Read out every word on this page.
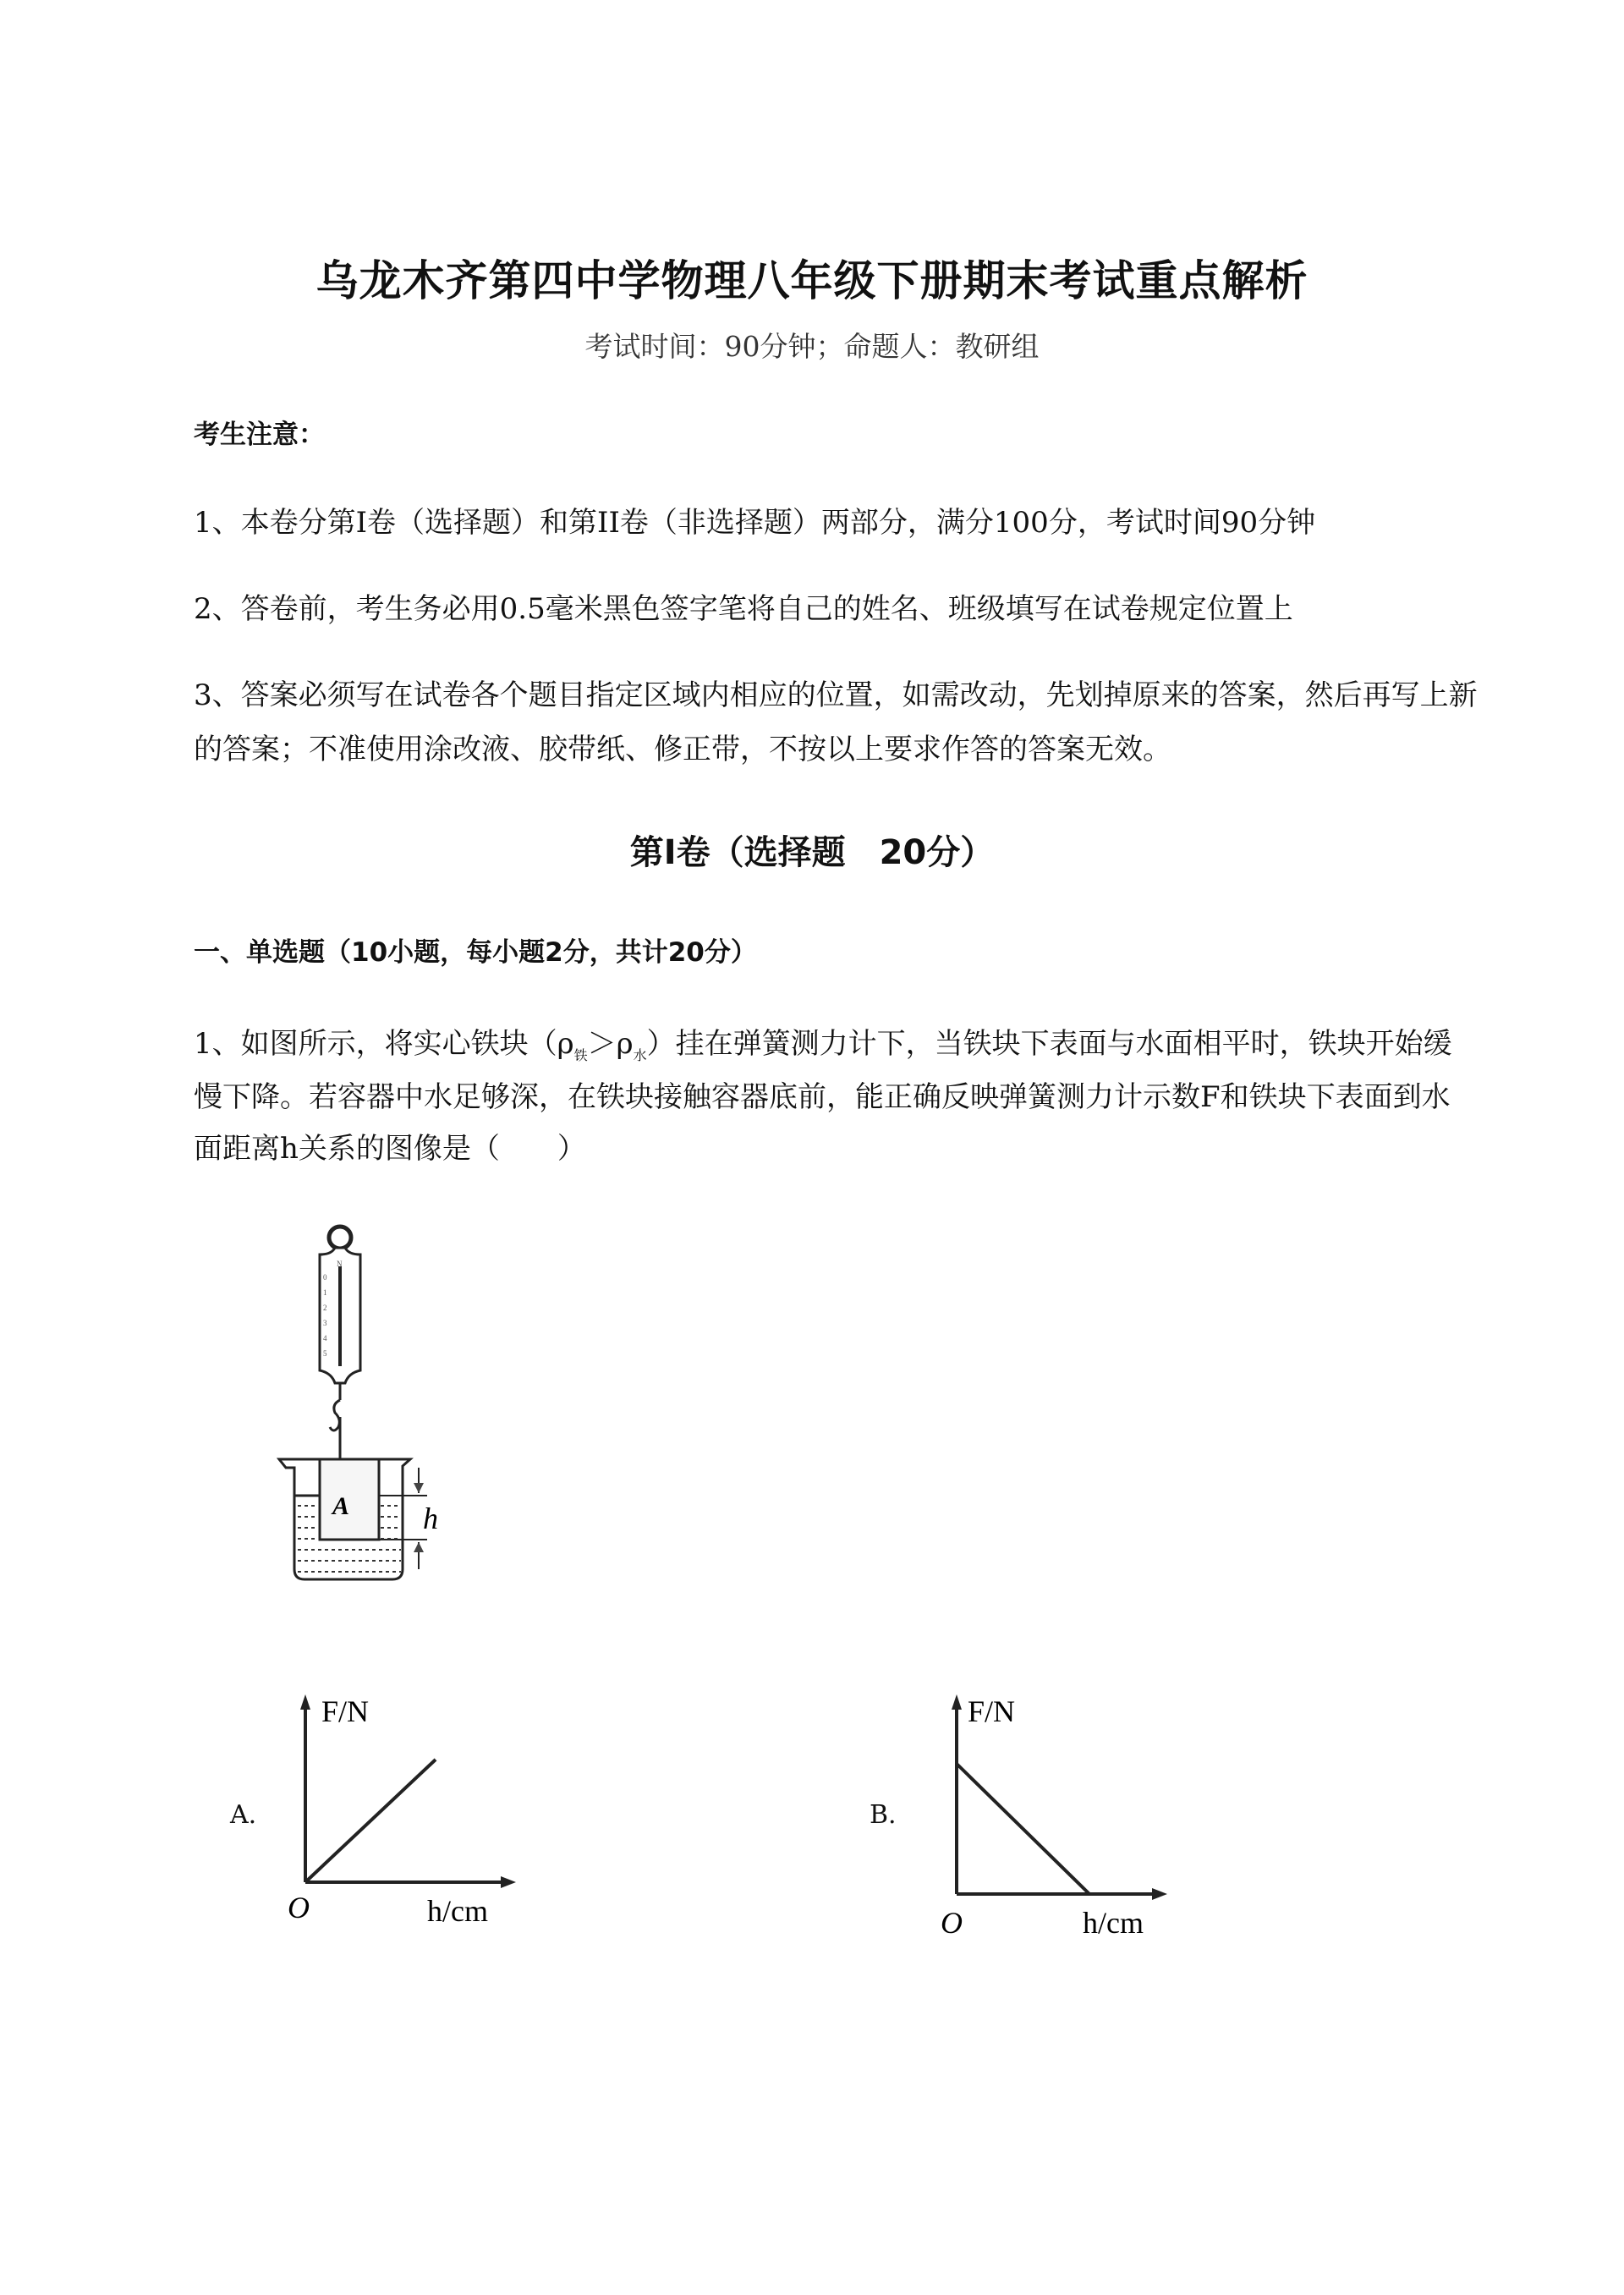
乌龙木齐第四中学物理八年级下册期末考试重点解析
考试时间：90分钟；命题人：教研组
考生注意：
1、本卷分第I卷（选择题）和第II卷（非选择题）两部分，满分100分，考试时间90分钟
2、答卷前，考生务必用0.5毫米黑色签字笔将自己的姓名、班级填写在试卷规定位置上
3、答案必须写在试卷各个题目指定区域内相应的位置，如需改动，先划掉原来的答案，然后再写上新
的答案；不准使用涂改液、胶带纸、修正带，不按以上要求作答的答案无效。
第I卷（选择题　20分）
一、单选题（10小题，每小题2分，共计20分）
1、如图所示，将实心铁块$(\rho_铁>\rho_水)$挂在弹簧测力计下，当铁块下表面与水面相平时，铁块开始缓
慢下降。若容器中水足够深，在铁块接触容器底前，能正确反映弹簧测力计示数F和铁块下表面到水
面距离h关系的图像是（　　）
N
0
1
2
3
4
5
A h
A.
F/N
O	h/cm
B.
F/N
O	h/cm
